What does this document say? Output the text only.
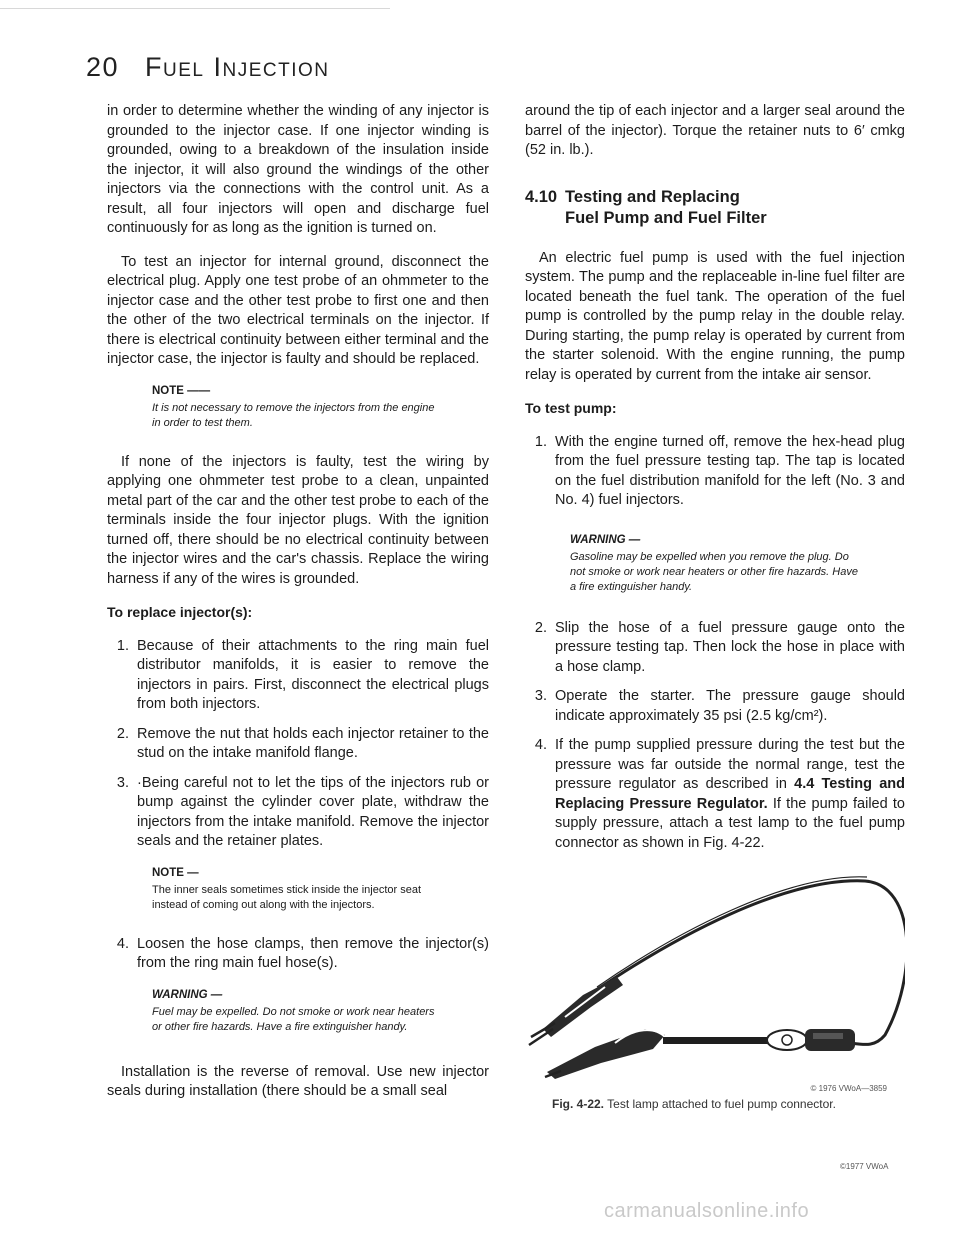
20 Fuel Injection

in order to determine whether the winding of any injector is grounded to the injector case. If one injector winding is grounded, owing to a breakdown of the insulation inside the injector, it will also ground the windings of the other injectors via the connections with the control unit. As a result, all four injectors will open and discharge fuel continuously for as long as the ignition is turned on.

To test an injector for internal ground, disconnect the electrical plug. Apply one test probe of an ohmmeter to the injector case and the other test probe to first one and then the other of the two electrical terminals on the injector. If there is electrical continuity between either terminal and the injector case, the injector is faulty and should be replaced.

NOTE ——
It is not necessary to remove the injectors from the engine in order to test them.

If none of the injectors is faulty, test the wiring by applying one ohmmeter test probe to a clean, unpainted metal part of the car and the other test probe to each of the terminals inside the four injector plugs. With the ignition turned off, there should be no electrical continuity between the injector wires and the car's chassis. Replace the wiring harness if any of the wires is grounded.

To replace injector(s):
1. Because of their attachments to the ring main fuel distributor manifolds, it is easier to remove the injectors in pairs. First, disconnect the electrical plugs from both injectors.
2. Remove the nut that holds each injector retainer to the stud on the intake manifold flange.
3. ·Being careful not to let the tips of the injectors rub or bump against the cylinder cover plate, withdraw the injectors from the intake manifold. Remove the injector seals and the retainer plates.
NOTE —
The inner seals sometimes stick inside the injector seat instead of coming out along with the injectors.
4. Loosen the hose clamps, then remove the injector(s) from the ring main fuel hose(s).
WARNING —
Fuel may be expelled. Do not smoke or work near heaters or other fire hazards. Have a fire extinguisher handy.

Installation is the reverse of removal. Use new injector seals during installation (there should be a small seal

around the tip of each injector and a larger seal around the barrel of the injector). Torque the retainer nuts to 6′ cmkg (52 in. lb.).

4.10 Testing and Replacing
Fuel Pump and Fuel Filter

An electric fuel pump is used with the fuel injection system. The pump and the replaceable in-line fuel filter are located beneath the fuel tank. The operation of the fuel pump is controlled by the pump relay in the double relay. During starting, the pump relay is operated by current from the starter solenoid. With the engine running, the pump relay is operated by current from the intake air sensor.

To test pump:
1. With the engine turned off, remove the hex-head plug from the fuel pressure testing tap. The tap is located on the fuel distribution manifold for the left (No. 3 and No. 4) fuel injectors.
WARNING —
Gasoline may be expelled when you remove the plug. Do not smoke or work near heaters or other fire hazards. Have a fire extinguisher handy.
2. Slip the hose of a fuel pressure gauge onto the pressure testing tap. Then lock the hose in place with a hose clamp.
3. Operate the starter. The pressure gauge should indicate approximately 35 psi (2.5 kg/cm²).
4. If the pump supplied pressure during the test but the pressure was far outside the normal range, test the pressure regulator as described in 4.4 Testing and Replacing Pressure Regulator. If the pump failed to supply pressure, attach a test lamp to the fuel pump connector as shown in Fig. 4-22.
© 1976 VWoA—3859
Fig. 4-22. Test lamp attached to fuel pump connector.
©1977 VWoA
carmanualsonline.info
